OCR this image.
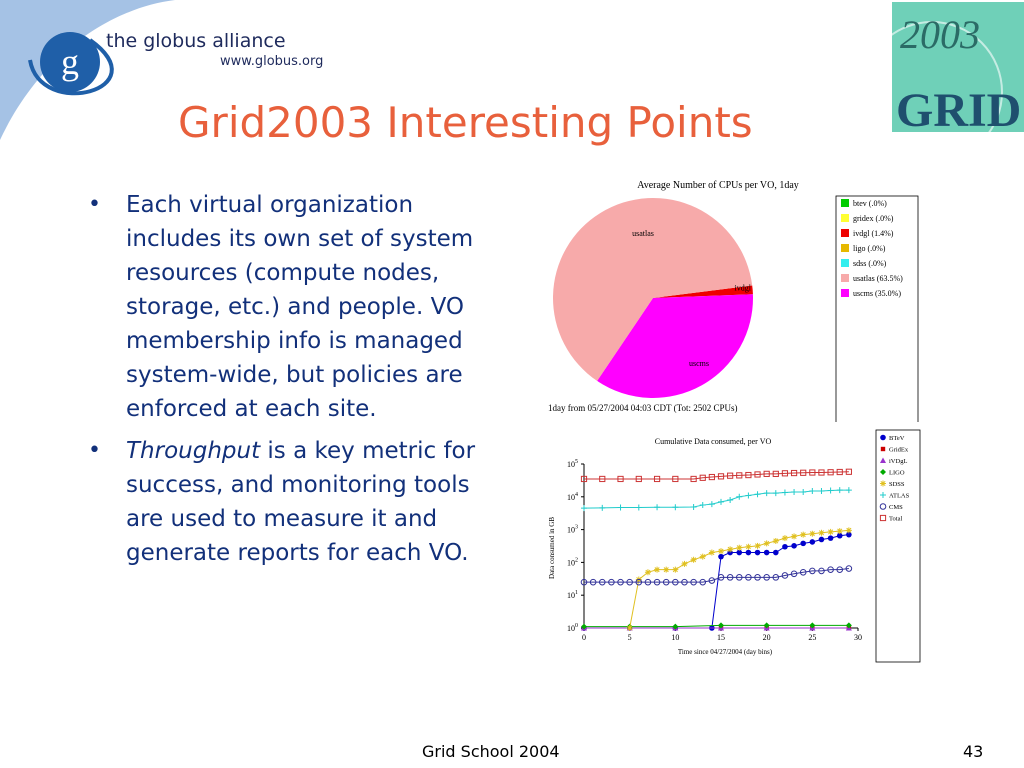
g
the globus alliance
www.globus.org
2003
GRID
Grid2003 Interesting Points
• Each virtual organization includes its own set of system resources (compute nodes, storage, etc.) and people. VO membership info is managed system-wide, but policies are enforced at each site.
• Throughput is a key metric for success, and monitoring tools are used to measure it and generate reports for each VO.
Average Number of CPUs per VO, 1day
ivdgl
uscms
usatlas
btev (.0%)
gridex (.0%)
ivdgl (1.4%)
ligo (.0%)
sdss (.0%)
usatlas (63.5%)
uscms (35.0%)
1day from 05/27/2004 04:03 CDT (Tot: 2502 CPUs)
Cumulative Data consumed, per VO	BTeV
GridEx
iVDgL
LIGO
SDSS
ATLAS
CMS
Total
0	5	10	15	20	25	30
$10^0$
$10^1$
$10^2$
$10^3$
$10^4$
$10^5$
Time since 04/27/2004 (day bins)
Data consumed in GB
Grid School 2004	43
